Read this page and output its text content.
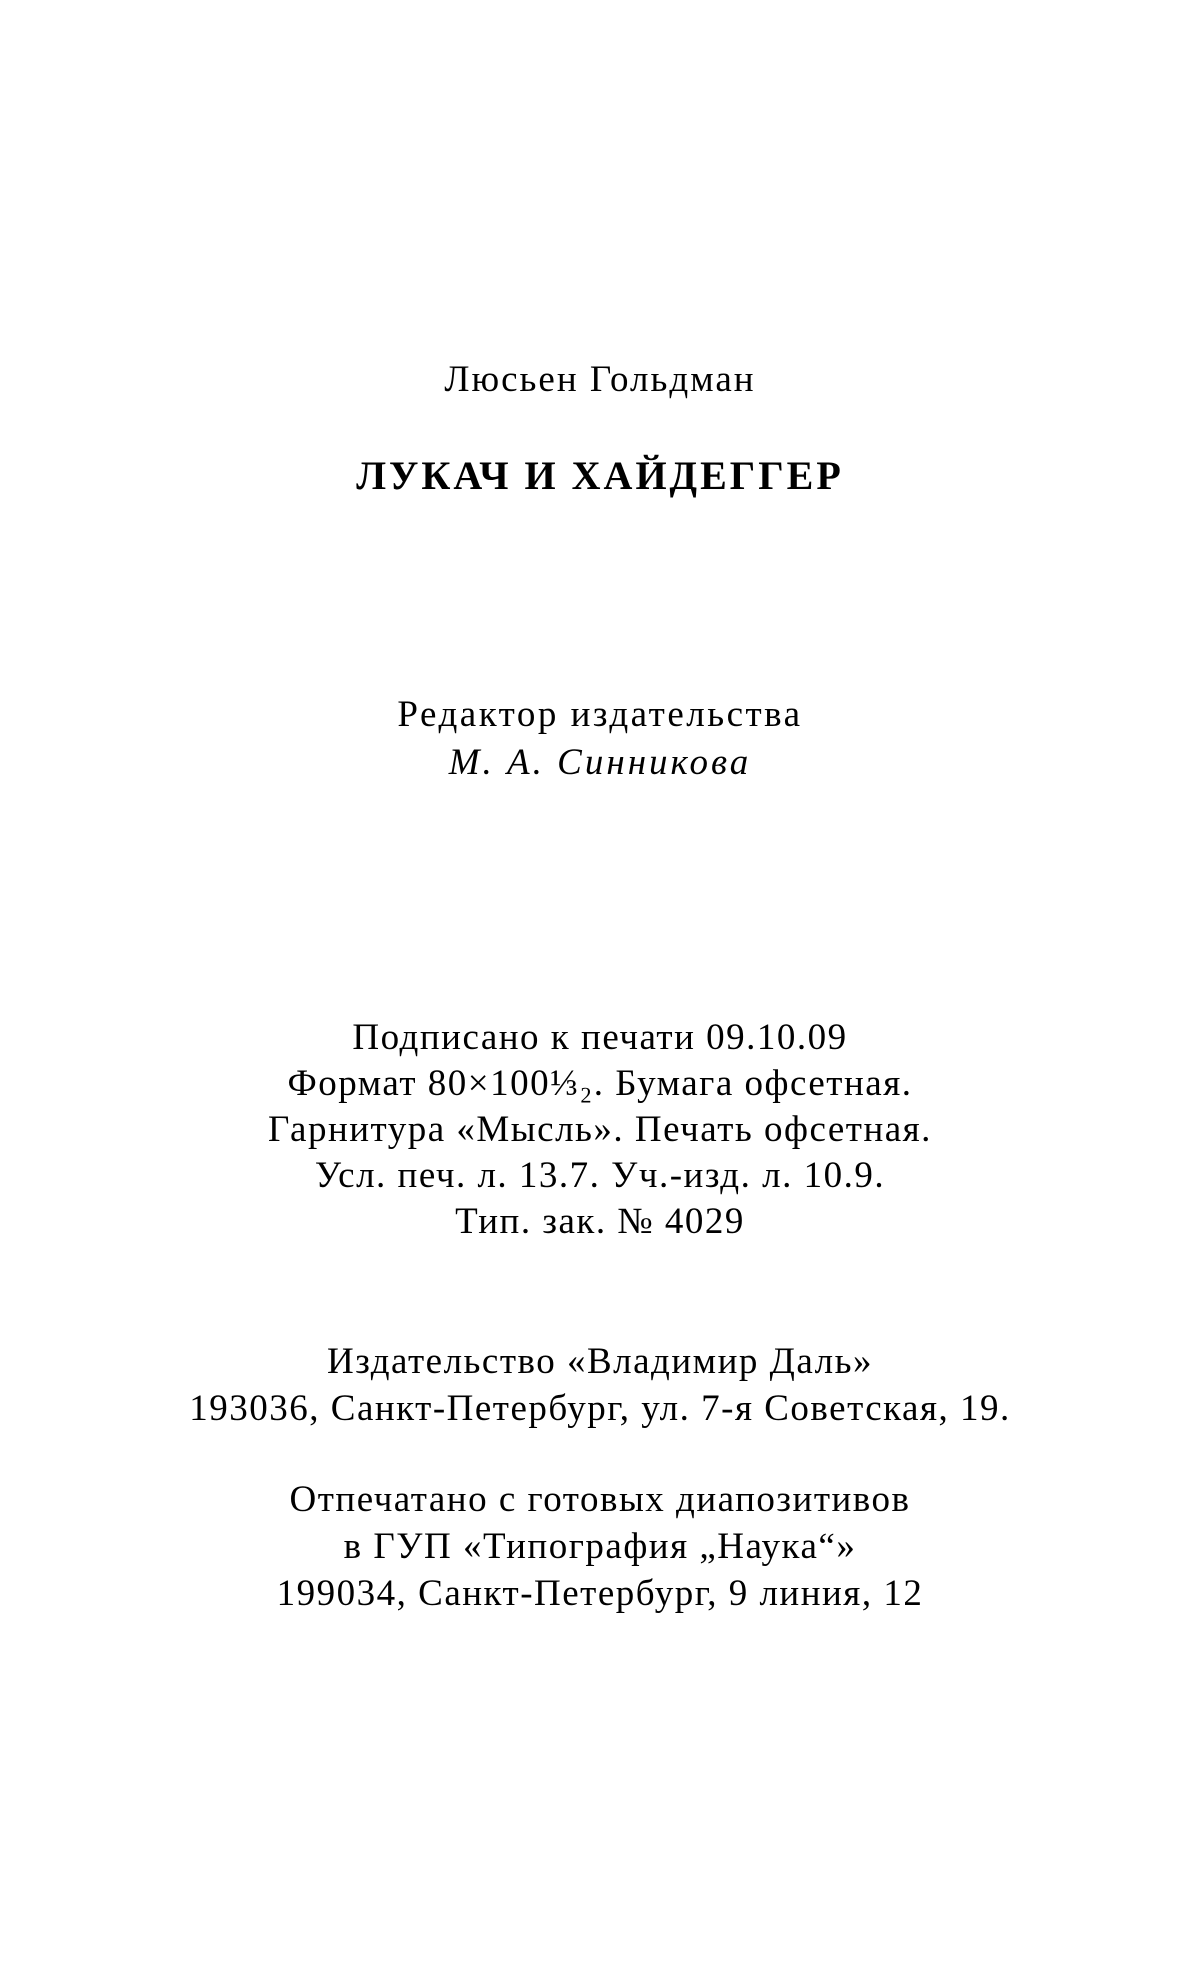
Люсьен Гольдман
ЛУКАЧ И ХАЙДЕГГЕР
Редактор издательства
М. А. Синникова
Подписано к печати 09.10.09
Формат 80×100⅓₂. Бумага офсетная.
Гарнитура «Мысль». Печать офсетная.
Усл. печ. л. 13.7. Уч.-изд. л. 10.9.
Тип. зак. № 4029
Издательство «Владимир Даль»
193036, Санкт-Петербург, ул. 7-я Советская, 19.
Отпечатано с готовых диапозитивов
в ГУП «Типография „Наука“»
199034, Санкт-Петербург, 9 линия, 12
